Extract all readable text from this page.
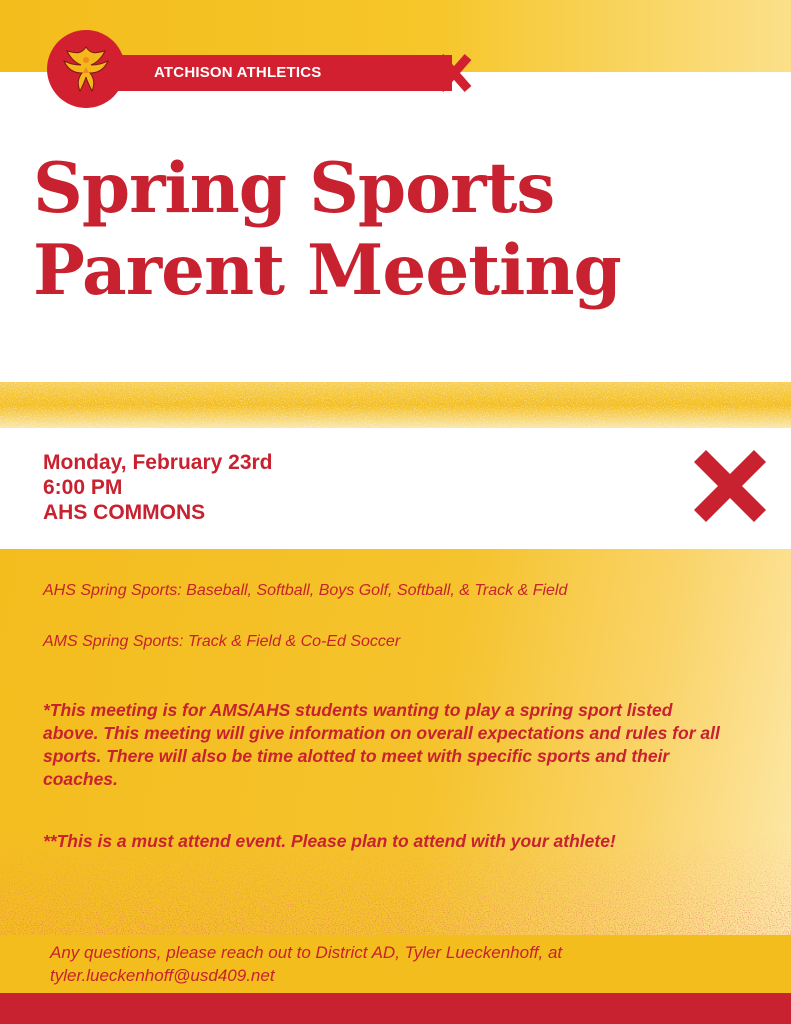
ATCHISON ATHLETICS
Spring Sports
Parent Meeting
Monday, February 23rd
6:00 PM
AHS COMMONS

AHS Spring Sports: Baseball, Softball, Boys Golf, Softball, & Track & Field

AMS Spring Sports: Track & Field & Co-Ed Soccer

*This meeting is for AMS/AHS students wanting to play a spring sport listed above. This meeting will give information on overall expectations and rules for all sports. There will also be time alotted to meet with specific sports and their coaches.

**This is a must attend event. Please plan to attend with your athlete!

Any questions, please reach out to District AD, Tyler Lueckenhoff, at
tyler.lueckenhoff@usd409.net
